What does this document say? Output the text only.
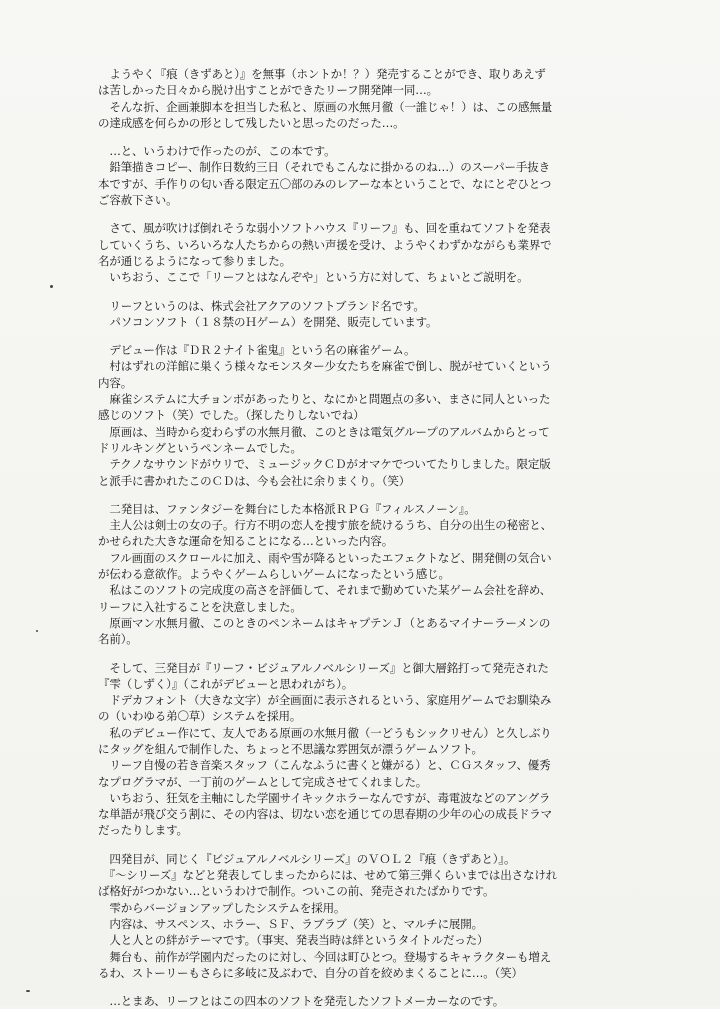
　ようやく『痕（きずあと）』を無事（ホントか！？）発売することができ、取りあえず
は苦しかった日々から脱け出すことができたリーフ開発陣一同…。
　そんな折、企画兼脚本を担当した私と、原画の水無月徹（一誰じゃ！）は、この感無量
の達成感を何らかの形として残したいと思ったのだった…。
　…と、いうわけで作ったのが、この本です。
　鉛筆描きコピー、制作日数約三日（それでもこんなに掛かるのね…）のスーパー手抜き
本ですが、手作りの匂い香る限定五〇部のみのレアーな本ということで、なにとぞひとつ
ご容赦下さい。
　さて、風が吹けば倒れそうな弱小ソフトハウス『リーフ』も、回を重ねてソフトを発表
していくうち、いろいろな人たちからの熱い声援を受け、ようやくわずかながらも業界で
名が通じるようになって参りました。
　いちおう、ここで「リーフとはなんぞや」という方に対して、ちょいとご説明を。
　リーフというのは、株式会社アクアのソフトブランド名です。
　パソコンソフト（１８禁のＨゲーム）を開発、販売しています。
　デビュー作は『ＤＲ２ナイト雀鬼』という名の麻雀ゲーム。
　村はずれの洋館に巣くう様々なモンスター少女たちを麻雀で倒し、脱がせていくという
内容。
　麻雀システムに大チョンボがあったりと、なにかと問題点の多い、まさに同人といった
感じのソフト（笑）でした。（探したりしないでね）
　原画は、当時から変わらずの水無月徹、このときは電気グループのアルバムからとって
ドリルキングというペンネームでした。
　テクノなサウンドがウリで、ミュージックＣＤがオマケでついてたりしました。限定版
と派手に書かれたこのＣＤは、今も会社に余りまくり。（笑）
　二発目は、ファンタジーを舞台にした本格派ＲＰＧ『フィルスノーン』。
　主人公は剣士の女の子。行方不明の恋人を捜す旅を続けるうち、自分の出生の秘密と、
かせられた大きな運命を知ることになる…といった内容。
　フル画面のスクロールに加え、雨や雪が降るといったエフェクトなど、開発側の気合い
が伝わる意欲作。ようやくゲームらしいゲームになったという感じ。
　私はこのソフトの完成度の高さを評価して、それまで勤めていた某ゲーム会社を辞め、
リーフに入社することを決意しました。
　原画マン水無月徹、このときのペンネームはキャプテンＪ（とあるマイナーラーメンの
名前）。
　そして、三発目が『リーフ・ビジュアルノベルシリーズ』と御大層銘打って発売された
『雫（しずく）』（これがデビューと思われがち）。
　ドデカフォント（大きな文字）が全画面に表示されるという、家庭用ゲームでお馴染み
の（いわゆる弟〇草）システムを採用。
　私のデビュー作にて、友人である原画の水無月徹（一どうもシックリせん）と久しぶり
にタッグを組んで制作した、ちょっと不思議な雰囲気が漂うゲームソフト。
　リーフ自慢の若き音楽スタッフ（こんなふうに書くと嫌がる）と、ＣＧスタッフ、優秀
なプログラマが、一丁前のゲームとして完成させてくれました。
　いちおう、狂気を主軸にした学園サイキックホラーなんですが、毒電波などのアングラ
な単語が飛び交う割に、その内容は、切ない恋を通じての思春期の少年の心の成長ドラマ
だったりします。
　四発目が、同じく『ビジュアルノベルシリーズ』のＶＯＬ２『痕（きずあと）』。
　『～シリーズ』などと発表してしまったからには、せめて第三弾くらいまでは出さなけれ
ば格好がつかない…というわけで制作。ついこの前、発売されたばかりです。
　雫からバージョンアップしたシステムを採用。
　内容は、サスペンス、ホラー、ＳＦ、ラブラブ（笑）と、マルチに展開。
　人と人との絆がテーマです。（事実、発表当時は絆というタイトルだった）
　舞台も、前作が学園内だったのに対し、今回は町ひとつ。登場するキャラクターも増え
るわ、ストーリーもさらに多岐に及ぶわで、自分の首を絞めまくることに…。（笑）
　…とまあ、リーフとはこの四本のソフトを発売したソフトメーカーなのです。
